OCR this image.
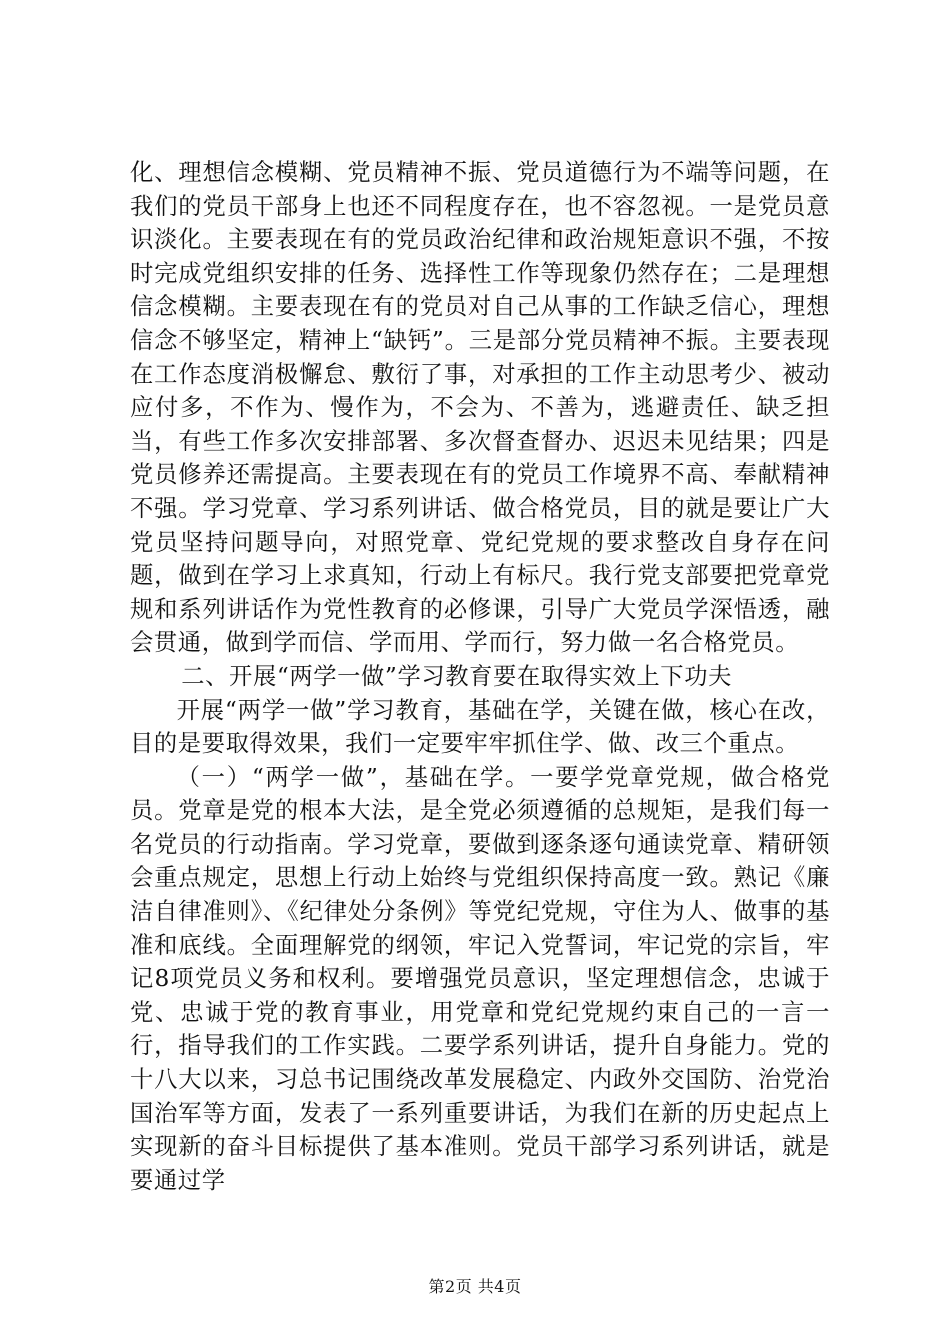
化、理想信念模糊、党员精神不振、党员道德行为不端等问题，在我们的党员干部身上也还不同程度存在，也不容忽视。一是党员意识淡化。主要表现在有的党员政治纪律和政治规矩意识不强，不按时完成党组织安排的任务、选择性工作等现象仍然存在；二是理想信念模糊。主要表现在有的党员对自己从事的工作缺乏信心，理想信念不够坚定，精神上“缺钙”。三是部分党员精神不振。主要表现在工作态度消极懈怠、敷衍了事，对承担的工作主动思考少、被动应付多，不作为、慢作为，不会为、不善为，逃避责任、缺乏担当，有些工作多次安排部署、多次督查督办、迟迟未见结果；四是党员修养还需提高。主要表现在有的党员工作境界不高、奉献精神不强。学习党章、学习系列讲话、做合格党员，目的就是要让广大党员坚持问题导向，对照党章、党纪党规的要求整改自身存在问题，做到在学习上求真知，行动上有标尺。我行党支部要把党章党规和系列讲话作为党性教育的必修课，引导广大党员学深悟透，融会贯通，做到学而信、学而用、学而行，努力做一名合格党员。

二、开展“两学一做”学习教育要在取得实效上下功夫

开展“两学一做”学习教育，基础在学，关键在做，核心在改，目的是要取得效果，我们一定要牢牢抓住学、做、改三个重点。

（一）“两学一做”，基础在学。一要学党章党规，做合格党员。党章是党的根本大法，是全党必须遵循的总规矩，是我们每一名党员的行动指南。学习党章，要做到逐条逐句通读党章、精研领会重点规定，思想上行动上始终与党组织保持高度一致。熟记《廉洁自律准则》、《纪律处分条例》等党纪党规，守住为人、做事的基准和底线。全面理解党的纲领，牢记入党誓词，牢记党的宗旨，牢记8项党员义务和权利。要增强党员意识，坚定理想信念，忠诚于党、忠诚于党的教育事业，用党章和党纪党规约束自己的一言一行，指导我们的工作实践。二要学系列讲话，提升自身能力。党的十八大以来，习总书记围绕改革发展稳定、内政外交国防、治党治国治军等方面，发表了一系列重要讲话，为我们在新的历史起点上实现新的奋斗目标提供了基本准则。党员干部学习系列讲话，就是要通过学

第2页 共4页
